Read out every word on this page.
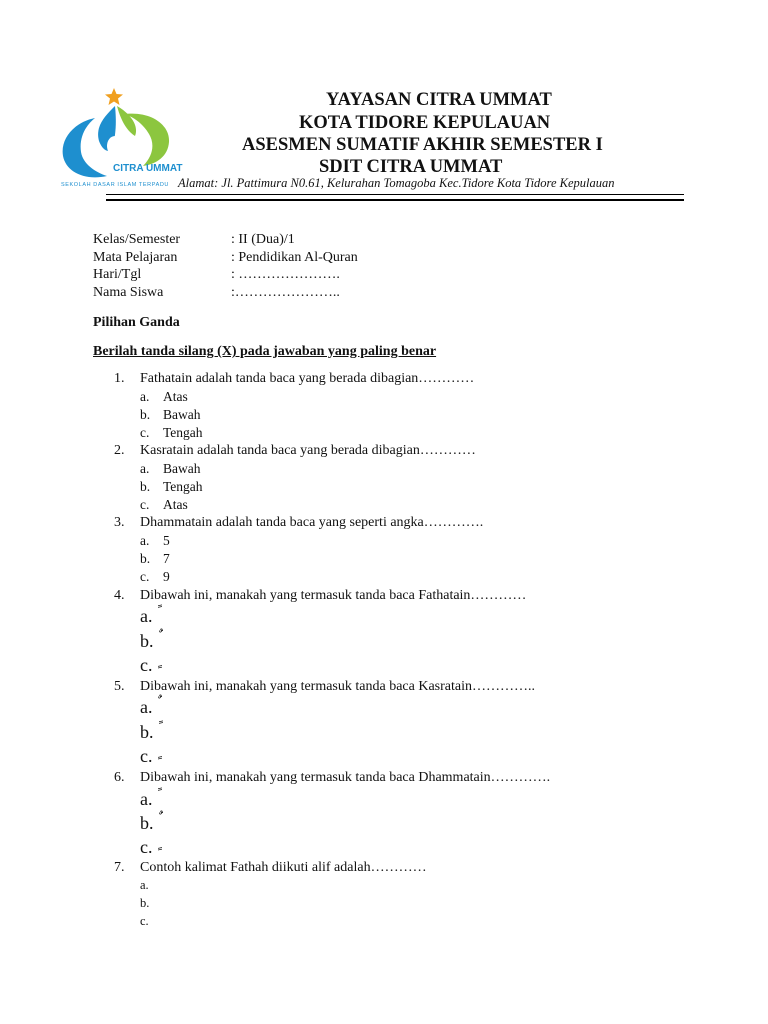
CITRA UMMAT
SEKOLAH DASAR ISLAM TERPADU
YAYASAN CITRA UMMAT
KOTA TIDORE KEPULAUAN
ASESMEN SUMATIF AKHIR SEMESTER I
SDIT CITRA UMMAT
Alamat: Jl. Pattimura N0.61, Kelurahan Tomagoba Kec.Tidore Kota Tidore Kepulauan
Kelas/Semester	: II (Dua)/1
Mata Pelajaran	: Pendidikan Al-Quran
Hari/Tgl	: ………………….
Nama Siswa	:…………………..
Pilihan Ganda
Berilah tanda silang (X) pada jawaban yang paling benar
1. Fathatain adalah tanda baca yang berada dibagian…………
a. Atas
b. Bawah
c. Tengah
2. Kasratain adalah tanda baca yang berada dibagian…………
a. Bawah
b. Tengah
c. Atas
3. Dhammatain adalah tanda baca yang seperti angka………….
a. 5
b. 7
c. 9
4. Dibawah ini, manakah yang termasuk tanda baca Fathatain…………
a.
b.
c.
5. Dibawah ini, manakah yang termasuk tanda baca Kasratain…………..
a.
b.
c.
6. Dibawah ini, manakah yang termasuk tanda baca Dhammatain………….
a.
b.
c.
7. Contoh kalimat Fathah diikuti alif adalah…………
a.
b.
c.
